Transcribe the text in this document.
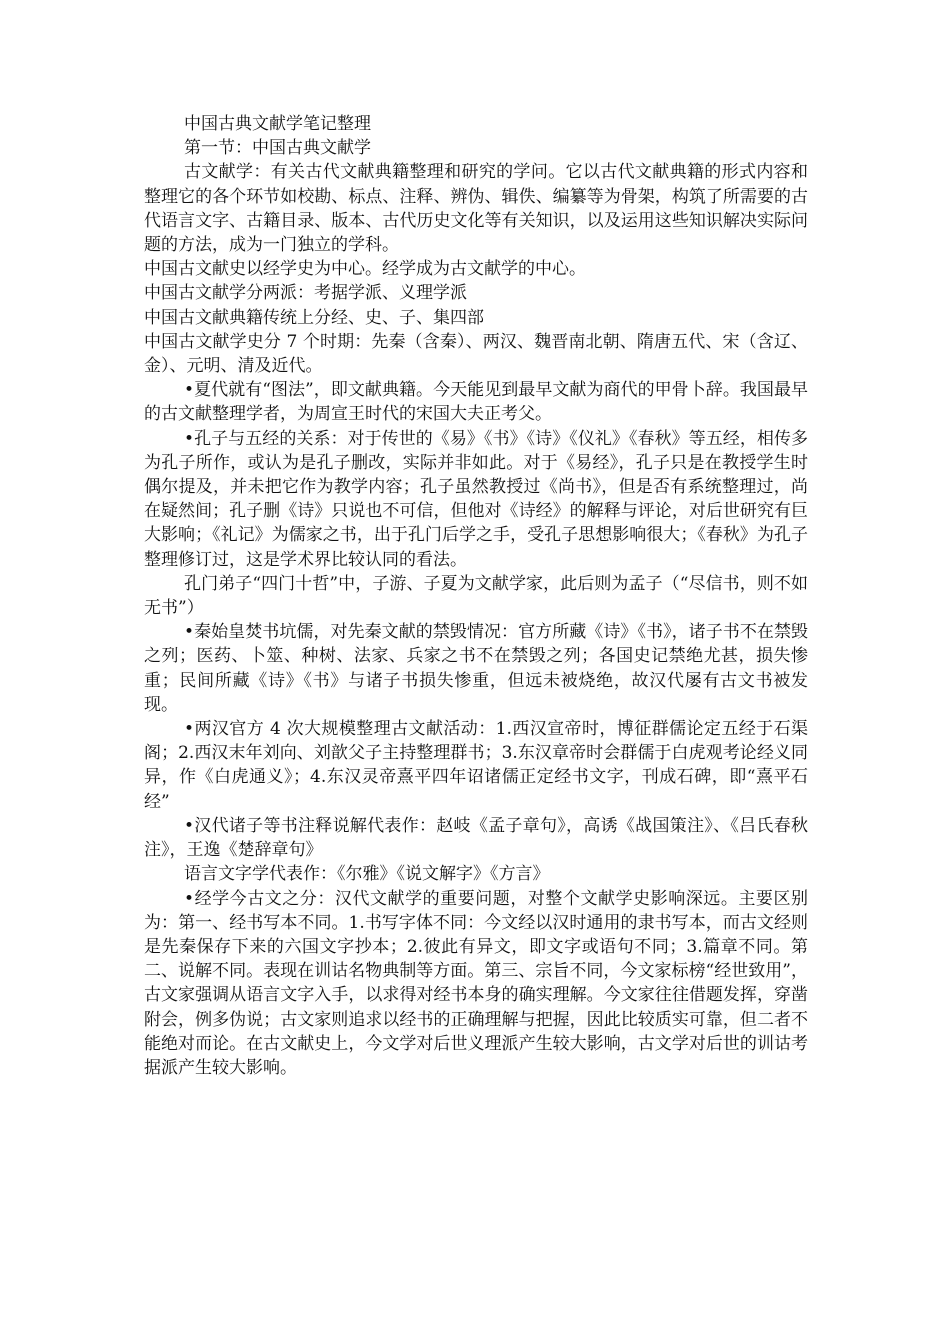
中国古典文献学笔记整理

第一节：中国古典文献学

古文献学：有关古代文献典籍整理和研究的学问。它以古代文献典籍的形式内容和整理它的各个环节如校勘、标点、注释、辨伪、辑佚、编纂等为骨架，构筑了所需要的古代语言文字、古籍目录、版本、古代历史文化等有关知识，以及运用这些知识解决实际问题的方法，成为一门独立的学科。

中国古文献史以经学史为中心。经学成为古文献学的中心。

中国古文献学分两派：考据学派、义理学派

中国古文献典籍传统上分经、史、子、集四部

中国古文献学史分 7 个时期：先秦（含秦）、两汉、魏晋南北朝、隋唐五代、宋（含辽、金）、元明、清及近代。

•夏代就有“图法”，即文献典籍。今天能见到最早文献为商代的甲骨卜辞。我国最早的古文献整理学者，为周宣王时代的宋国大夫正考父。

•孔子与五经的关系：对于传世的《易》《书》《诗》《仪礼》《春秋》等五经，相传多为孔子所作，或认为是孔子删改，实际并非如此。对于《易经》，孔子只是在教授学生时偶尔提及，并未把它作为教学内容；孔子虽然教授过《尚书》，但是否有系统整理过，尚在疑然间；孔子删《诗》只说也不可信，但他对《诗经》的解释与评论，对后世研究有巨大影响；《礼记》为儒家之书，出于孔门后学之手，受孔子思想影响很大；《春秋》为孔子整理修订过，这是学术界比较认同的看法。

孔门弟子“四门十哲”中，子游、子夏为文献学家，此后则为孟子（“尽信书，则不如无书”）

•秦始皇焚书坑儒，对先秦文献的禁毁情况：官方所藏《诗》《书》，诸子书不在禁毁之列；医药、卜筮、种树、法家、兵家之书不在禁毁之列；各国史记禁绝尤甚，损失惨重；民间所藏《诗》《书》与诸子书损失惨重，但远未被烧绝，故汉代屡有古文书被发现。

•两汉官方 4 次大规模整理古文献活动：1.西汉宣帝时，博征群儒论定五经于石渠阁；2.西汉末年刘向、刘歆父子主持整理群书；3.东汉章帝时会群儒于白虎观考论经义同异，作《白虎通义》；4.东汉灵帝熹平四年诏诸儒正定经书文字，刊成石碑，即“熹平石经”

•汉代诸子等书注释说解代表作：赵岐《孟子章句》，高诱《战国策注》、《吕氏春秋注》，王逸《楚辞章句》

语言文字学代表作：《尔雅》《说文解字》《方言》

•经学今古文之分：汉代文献学的重要问题，对整个文献学史影响深远。主要区别为：第一、经书写本不同。1.书写字体不同：今文经以汉时通用的隶书写本，而古文经则是先秦保存下来的六国文字抄本；2.彼此有异文，即文字或语句不同；3.篇章不同。第二、说解不同。表现在训诂名物典制等方面。第三、宗旨不同，今文家标榜“经世致用”，古文家强调从语言文字入手，以求得对经书本身的确实理解。今文家往往借题发挥，穿凿附会，例多伪说；古文家则追求以经书的正确理解与把握，因此比较质实可靠，但二者不能绝对而论。在古文献史上，今文学对后世义理派产生较大影响，古文学对后世的训诂考据派产生较大影响。
